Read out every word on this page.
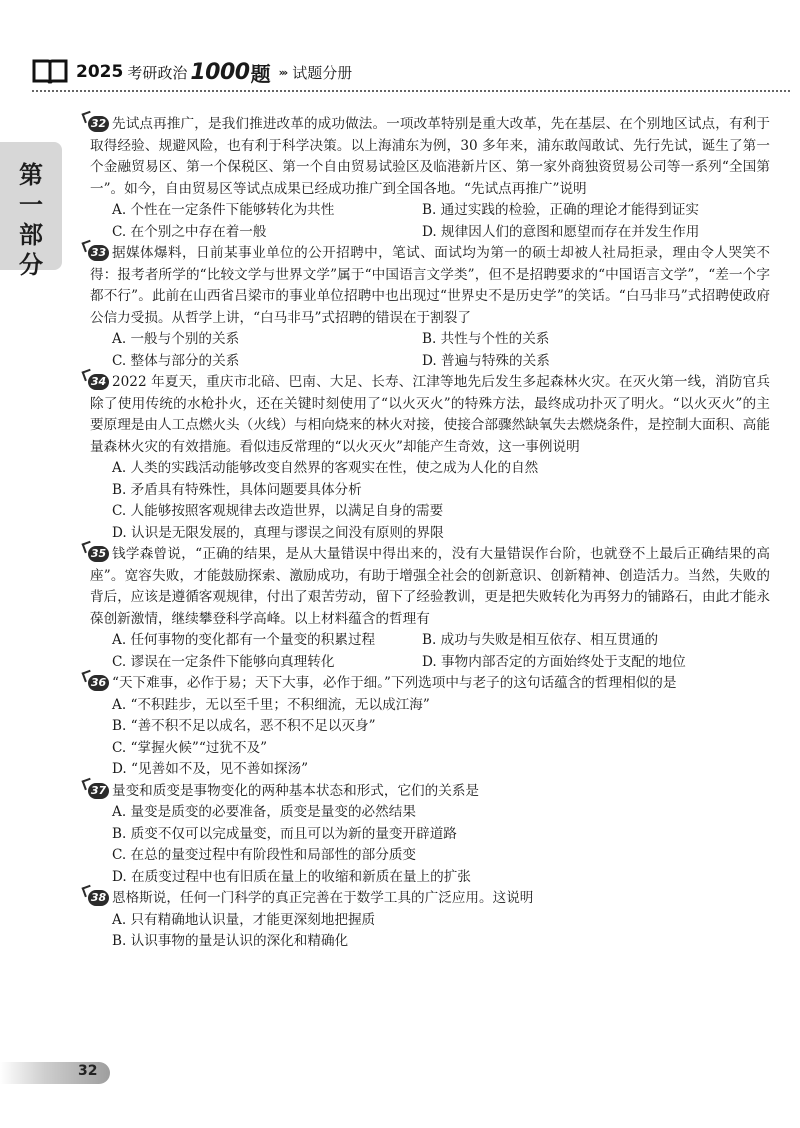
2025 考研政治 1000 题 ››› 试题分册
第一部分
32 先试点再推广，是我们推进改革的成功做法。一项改革特别是重大改革，先在基层、在个别地区试点，有利于取得经验、规避风险，也有利于科学决策。以上海浦东为例，30 多年来，浦东敢闯敢试、先行先试，诞生了第一个金融贸易区、第一个保税区、第一个自由贸易试验区及临港新片区、第一家外商独资贸易公司等一系列“全国第一”。如今，自由贸易区等试点成果已经成功推广到全国各地。“先试点再推广”说明

A. 个性在一定条件下能够转化为共性	B. 通过实践的检验，正确的理论才能得到证实
C. 在个别之中存在着一般	D. 规律因人们的意图和愿望而存在并发生作用
33 据媒体爆料，日前某事业单位的公开招聘中，笔试、面试均为第一的硕士却被人社局拒录，理由令人哭笑不得：报考者所学的“比较文学与世界文学”属于“中国语言文学类”，但不是招聘要求的“中国语言文学”，“差一个字都不行”。此前在山西省吕梁市的事业单位招聘中也出现过“世界史不是历史学”的笑话。“白马非马”式招聘使政府公信力受损。从哲学上讲，“白马非马”式招聘的错误在于割裂了

A. 一般与个别的关系	B. 共性与个性的关系
C. 整体与部分的关系	D. 普遍与特殊的关系
34 2022 年夏天，重庆市北碚、巴南、大足、长寿、江津等地先后发生多起森林火灾。在灭火第一线，消防官兵除了使用传统的水枪扑火，还在关键时刻使用了“以火灭火”的特殊方法，最终成功扑灭了明火。“以火灭火”的主要原理是由人工点燃火头（火线）与相向烧来的林火对接，使接合部骤然缺氧失去燃烧条件，是控制大面积、高能量森林火灾的有效措施。看似违反常理的“以火灭火”却能产生奇效，这一事例说明

A. 人类的实践活动能够改变自然界的客观实在性，使之成为人化的自然
B. 矛盾具有特殊性，具体问题要具体分析
C. 人能够按照客观规律去改造世界，以满足自身的需要
D. 认识是无限发展的，真理与谬误之间没有原则的界限
35 钱学森曾说，“正确的结果，是从大量错误中得出来的，没有大量错误作台阶，也就登不上最后正确结果的高座”。宽容失败，才能鼓励探索、激励成功，有助于增强全社会的创新意识、创新精神、创造活力。当然，失败的背后，应该是遵循客观规律，付出了艰苦劳动，留下了经验教训，更是把失败转化为再努力的铺路石，由此才能永葆创新激情，继续攀登科学高峰。以上材料蕴含的哲理有

A. 任何事物的变化都有一个量变的积累过程	B. 成功与失败是相互依存、相互贯通的
C. 谬误在一定条件下能够向真理转化	D. 事物内部否定的方面始终处于支配的地位
36 “天下难事，必作于易；天下大事，必作于细。”下列选项中与老子的这句话蕴含的哲理相似的是

A. “不积跬步，无以至千里；不积细流，无以成江海”
B. “善不积不足以成名，恶不积不足以灭身”
C. “掌握火候”“过犹不及”
D. “见善如不及，见不善如探汤”
37 量变和质变是事物变化的两种基本状态和形式，它们的关系是

A. 量变是质变的必要准备，质变是量变的必然结果
B. 质变不仅可以完成量变，而且可以为新的量变开辟道路
C. 在总的量变过程中有阶段性和局部性的部分质变
D. 在质变过程中也有旧质在量上的收缩和新质在量上的扩张
38 恩格斯说，任何一门科学的真正完善在于数学工具的广泛应用。这说明

A. 只有精确地认识量，才能更深刻地把握质
B. 认识事物的量是认识的深化和精确化
32
